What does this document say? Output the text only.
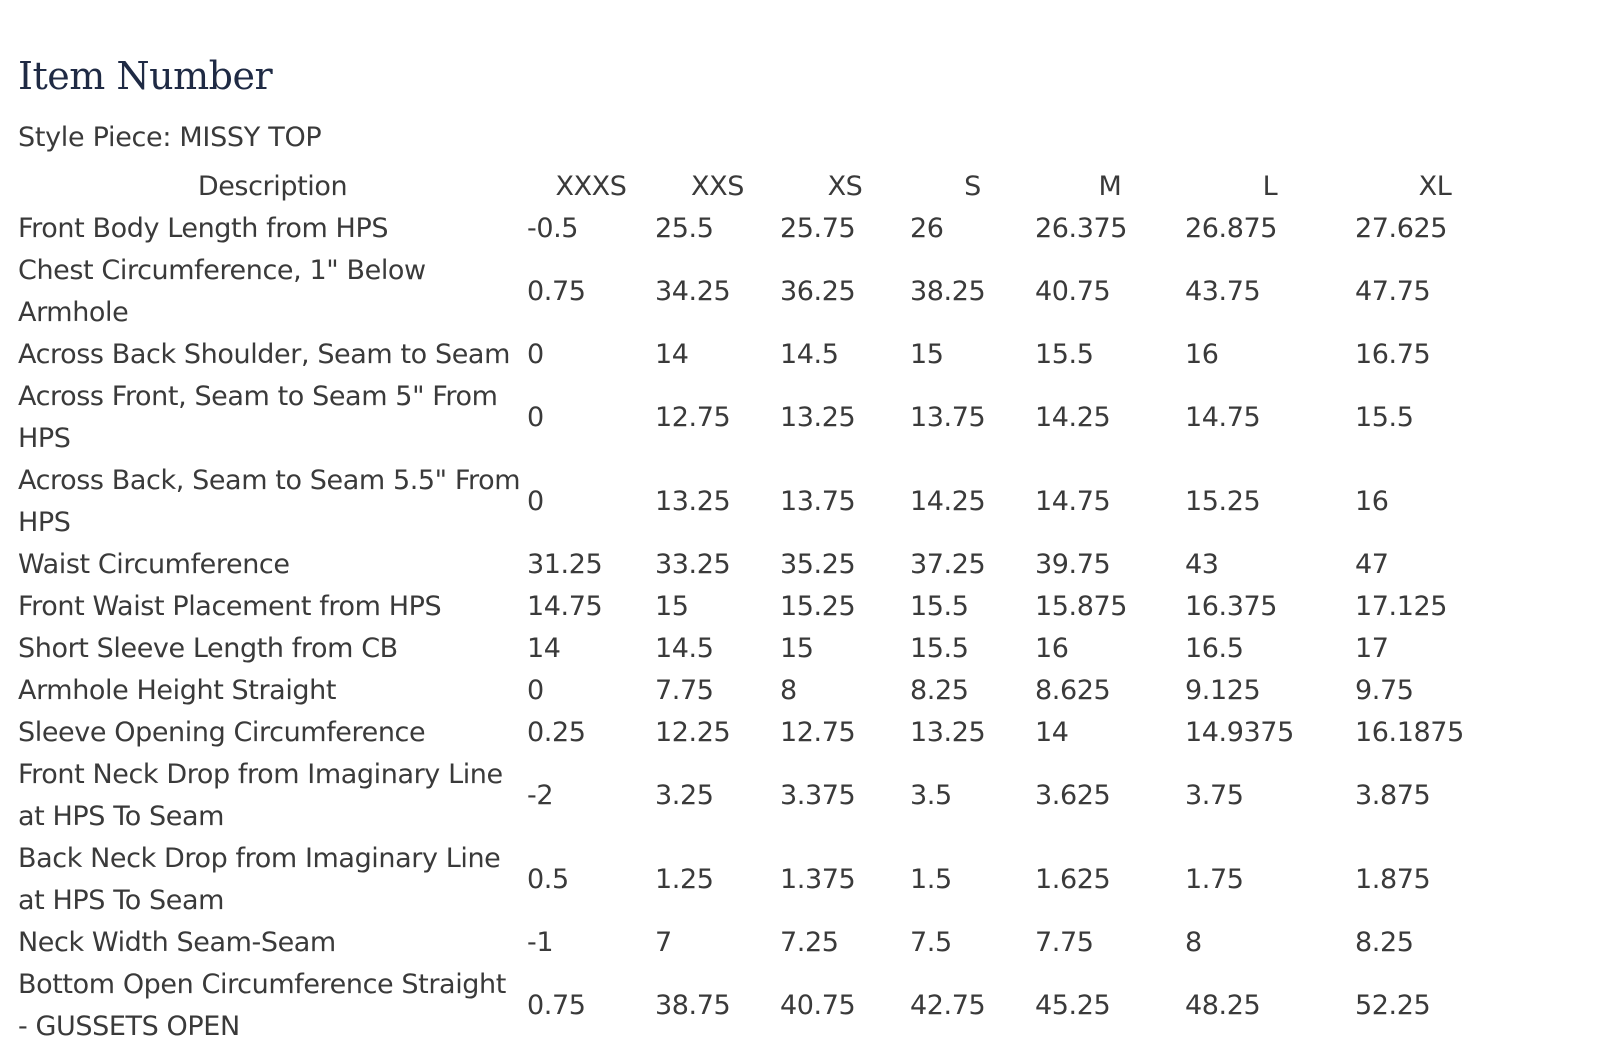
Item Number
Style Piece: MISSY TOP
Description	XXXS	XXS	XS	S	M	L	XL
Front Body Length from HPS	-0.5	25.5	25.75	26	26.375	26.875	27.625
Chest Circumference, 1" Below Armhole	0.75	34.25	36.25	38.25	40.75	43.75	47.75
Across Back Shoulder, Seam to Seam	0	14	14.5	15	15.5	16	16.75
Across Front, Seam to Seam 5" From HPS	0	12.75	13.25	13.75	14.25	14.75	15.5
Across Back, Seam to Seam 5.5" From HPS	0	13.25	13.75	14.25	14.75	15.25	16
Waist Circumference	31.25	33.25	35.25	37.25	39.75	43	47
Front Waist Placement from HPS	14.75	15	15.25	15.5	15.875	16.375	17.125
Short Sleeve Length from CB	14	14.5	15	15.5	16	16.5	17
Armhole Height Straight	0	7.75	8	8.25	8.625	9.125	9.75
Sleeve Opening Circumference	0.25	12.25	12.75	13.25	14	14.9375	16.1875
Front Neck Drop from Imaginary Line at HPS To Seam	-2	3.25	3.375	3.5	3.625	3.75	3.875
Back Neck Drop from Imaginary Line at HPS To Seam	0.5	1.25	1.375	1.5	1.625	1.75	1.875
Neck Width Seam-Seam	-1	7	7.25	7.5	7.75	8	8.25
Bottom Open Circumference Straight - GUSSETS OPEN	0.75	38.75	40.75	42.75	45.25	48.25	52.25
